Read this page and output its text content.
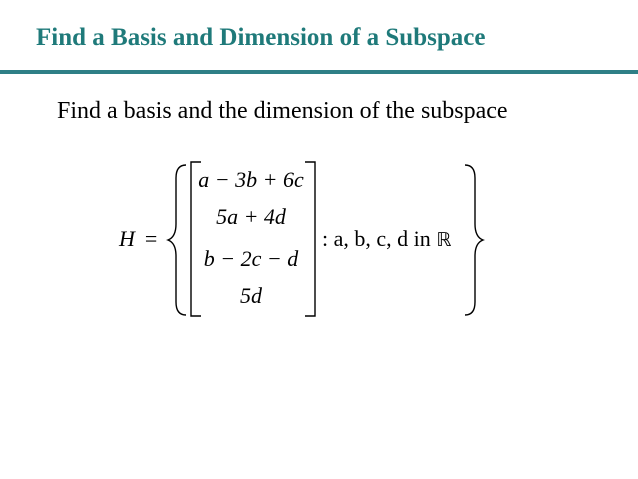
Find a Basis and Dimension of a Subspace
Find a basis and the dimension of the subspace
H =
a − 3b + 6c
5a + 4d
b − 2c − d
5d
: a, b, c, d in ℝ
